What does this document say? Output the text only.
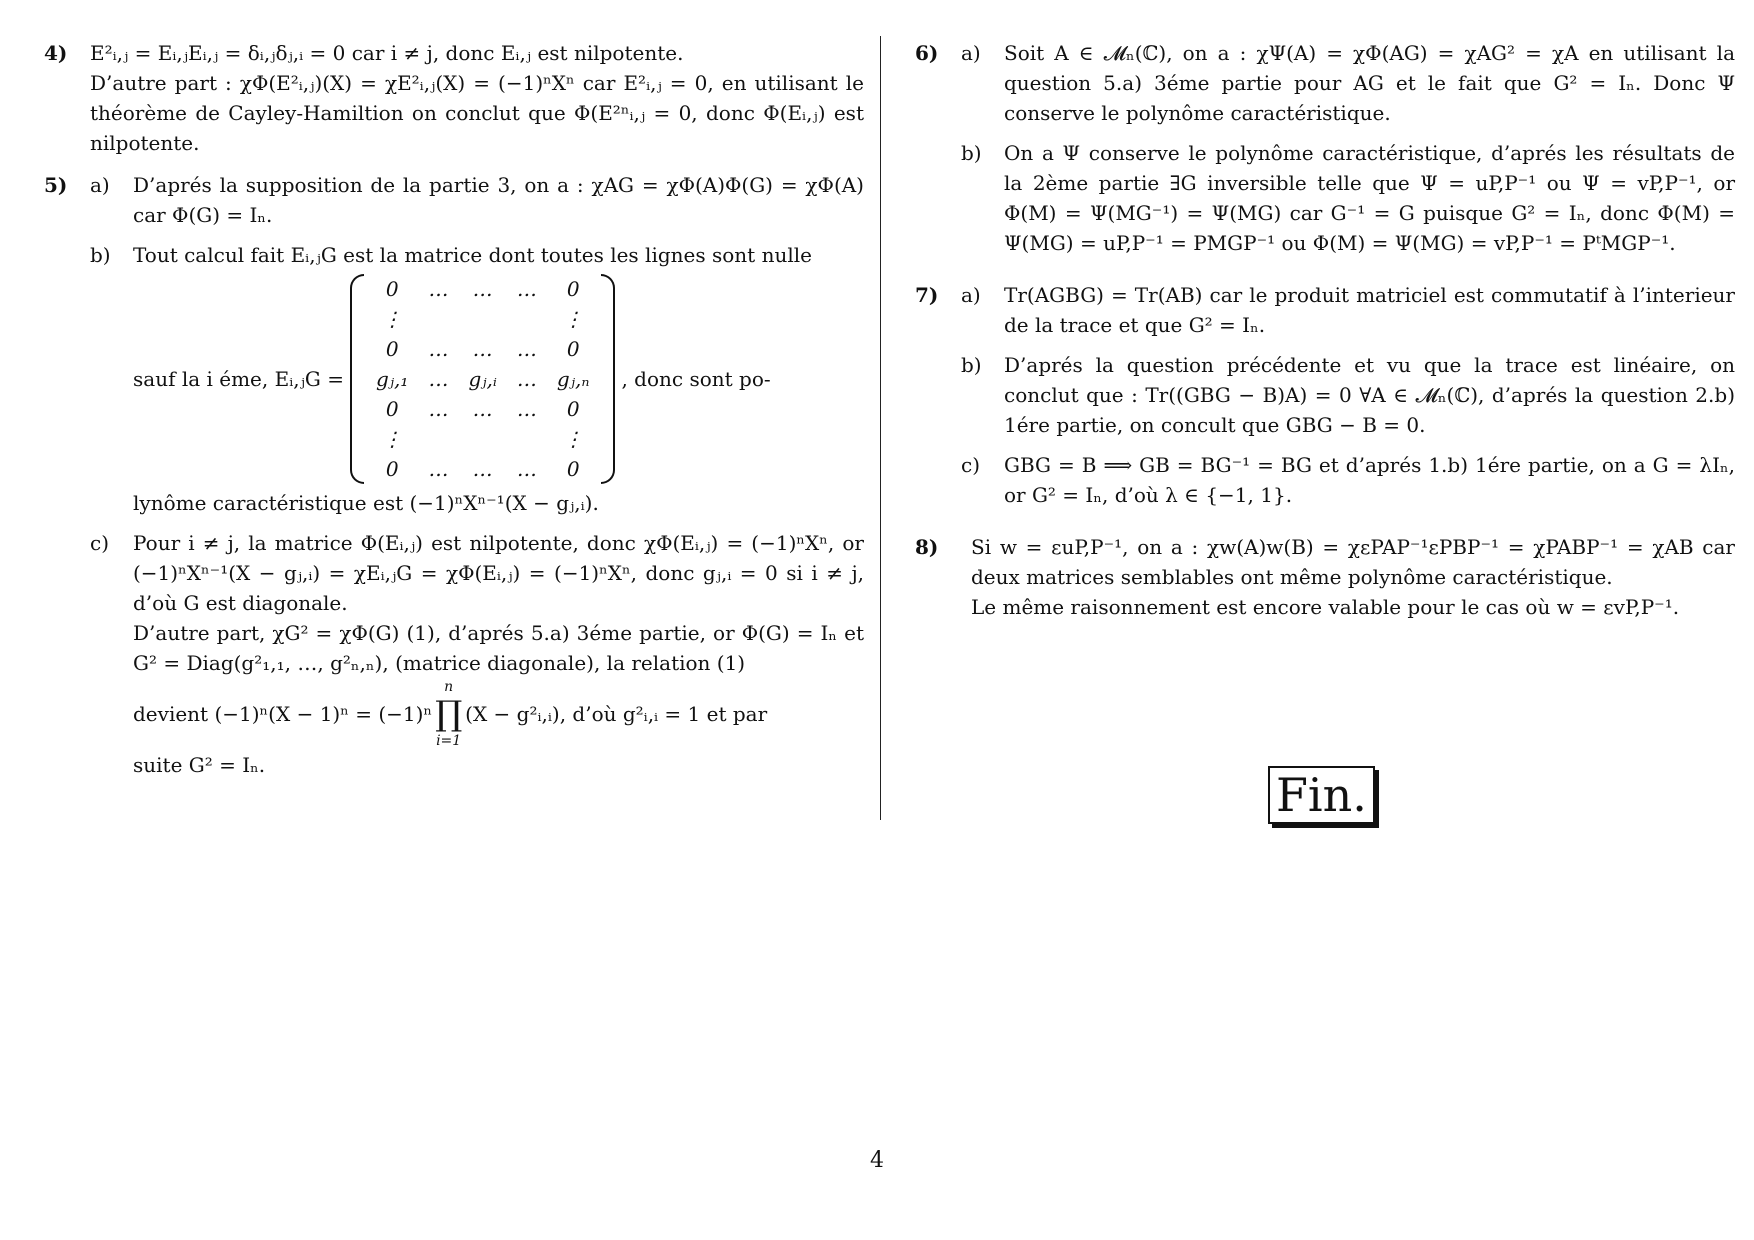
4)	E²ᵢ,ⱼ = Eᵢ,ⱼEᵢ,ⱼ = δᵢ,ⱼδⱼ,ᵢ = 0 car i ≠ j, donc Eᵢ,ⱼ est nilpotente.
D’autre part : χΦ(E²ᵢ,ⱼ)(X) = χE²ᵢ,ⱼ(X) = (−1)ⁿXⁿ car E²ᵢ,ⱼ = 0, en utilisant le théorème de Cayley-Hamiltion on conclut que Φ(E²ⁿᵢ,ⱼ = 0, donc Φ(Eᵢ,ⱼ) est nilpotente.
5)	a)	D’aprés la supposition de la partie 3, on a : χAG = χΦ(A)Φ(G) = χΦ(A) car Φ(G) = Iₙ.
b)	Tout calcul fait Eᵢ,ⱼG est la matrice dont toutes les lignes sont nulle
sauf la i éme, Eᵢ,ⱼG =
0	…	…	…	0
⋮				⋮
0	…	…	…	0
gⱼ,₁	…	gⱼ,ᵢ	…	gⱼ,ₙ
0	…	…	…	0
⋮				⋮
0	…	…	…	0
, donc sont po-
lynôme caractéristique est (−1)ⁿXⁿ⁻¹(X − gⱼ,ᵢ).
c)	Pour i ≠ j, la matrice Φ(Eᵢ,ⱼ) est nilpotente, donc χΦ(Eᵢ,ⱼ) = (−1)ⁿXⁿ, or (−1)ⁿXⁿ⁻¹(X − gⱼ,ᵢ) = χEᵢ,ⱼG = χΦ(Eᵢ,ⱼ) = (−1)ⁿXⁿ, donc gⱼ,ᵢ = 0 si i ≠ j, d’où G est diagonale.
D’autre part, χG² = χΦ(G) (1), d’aprés 5.a) 3éme partie, or Φ(G) = Iₙ et G² = Diag(g²₁,₁, …, g²ₙ,ₙ), (matrice diagonale), la relation (1)
devient (−1)ⁿ(X − 1)ⁿ = (−1)ⁿ
n
∏
i=1
(X − g²ᵢ,ᵢ), d’où g²ᵢ,ᵢ = 1 et par
suite G² = Iₙ.
6)	a)	Soit A ∈ 𝓜ₙ(ℂ), on a : χΨ(A) = χΦ(AG) = χAG² = χA en utilisant la question 5.a) 3éme partie pour AG et le fait que G² = Iₙ. Donc Ψ conserve le polynôme caractéristique.
b)	On a Ψ conserve le polynôme caractéristique, d’aprés les résultats de la 2ème partie ∃G inversible telle que Ψ = uP,P⁻¹ ou Ψ = vP,P⁻¹, or Φ(M) = Ψ(MG⁻¹) = Ψ(MG) car G⁻¹ = G puisque G² = Iₙ, donc Φ(M) = Ψ(MG) = uP,P⁻¹ = PMGP⁻¹ ou Φ(M) = Ψ(MG) = vP,P⁻¹ = PᵗMGP⁻¹.
7)	a)	Tr(AGBG) = Tr(AB) car le produit matriciel est commutatif à l’interieur de la trace et que G² = Iₙ.
b)	D’aprés la question précédente et vu que la trace est linéaire, on conclut que : Tr((GBG − B)A) = 0 ∀A ∈ 𝓜ₙ(ℂ), d’aprés la question 2.b) 1ére partie, on concult que GBG − B = 0.
c)	GBG = B ⟹ GB = BG⁻¹ = BG et d’aprés 1.b) 1ére partie, on a G = λIₙ, or G² = Iₙ, d’où λ ∈ {−1, 1}.
8)	Si w = εuP,P⁻¹, on a : χw(A)w(B) = χεPAP⁻¹εPBP⁻¹ = χPABP⁻¹ = χAB car deux matrices semblables ont même polynôme caractéristique.
Le même raisonnement est encore valable pour le cas où w = εvP,P⁻¹.
Fin.
4
